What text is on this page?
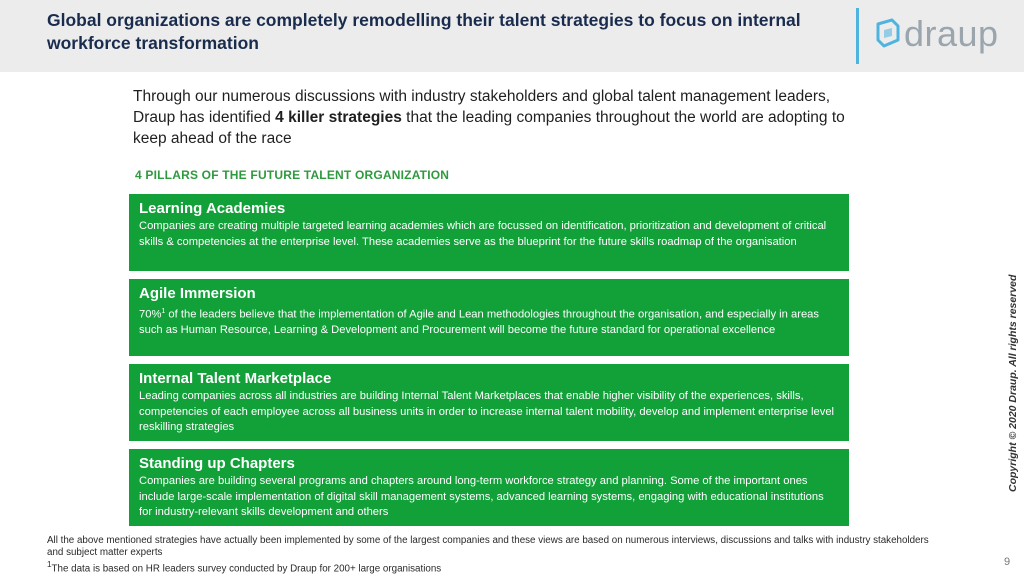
Global organizations are completely remodelling their talent strategies to focus on internal workforce transformation	draup
Through our numerous discussions with industry stakeholders and global talent management leaders, Draup has identified 4 killer strategies that the leading companies throughout the world are adopting to keep ahead of the race
4 PILLARS OF THE FUTURE TALENT ORGANIZATION
Learning Academies
Companies are creating multiple targeted learning academies which are focussed on identification, prioritization and development of critical skills & competencies at the enterprise level. These academies serve as the blueprint for the future skills roadmap of the organisation
Agile Immersion
70%$^1$ of the leaders believe that the implementation of Agile and Lean methodologies throughout the organisation, and especially in areas such as Human Resource, Learning & Development and Procurement will become the future standard for operational excellence
Internal Talent Marketplace
Leading companies across all industries are building Internal Talent Marketplaces that enable higher visibility of the experiences, skills, competencies of each employee across all business units in order to increase internal talent mobility, develop and implement enterprise level reskilling strategies
Standing up Chapters
Companies are building several programs and chapters around long-term workforce strategy and planning. Some of the important ones include large-scale implementation of digital skill management systems, advanced learning systems, engaging with educational institutions for industry-relevant skills development and others
All the above mentioned strategies have actually been implemented by some of the largest companies and these views are based on numerous interviews, discussions and talks with industry stakeholders and subject matter experts
$^1$The data is based on HR leaders survey conducted by Draup for 200+ large organisations
Copyright © 2020 Draup. All rights reserved
9
